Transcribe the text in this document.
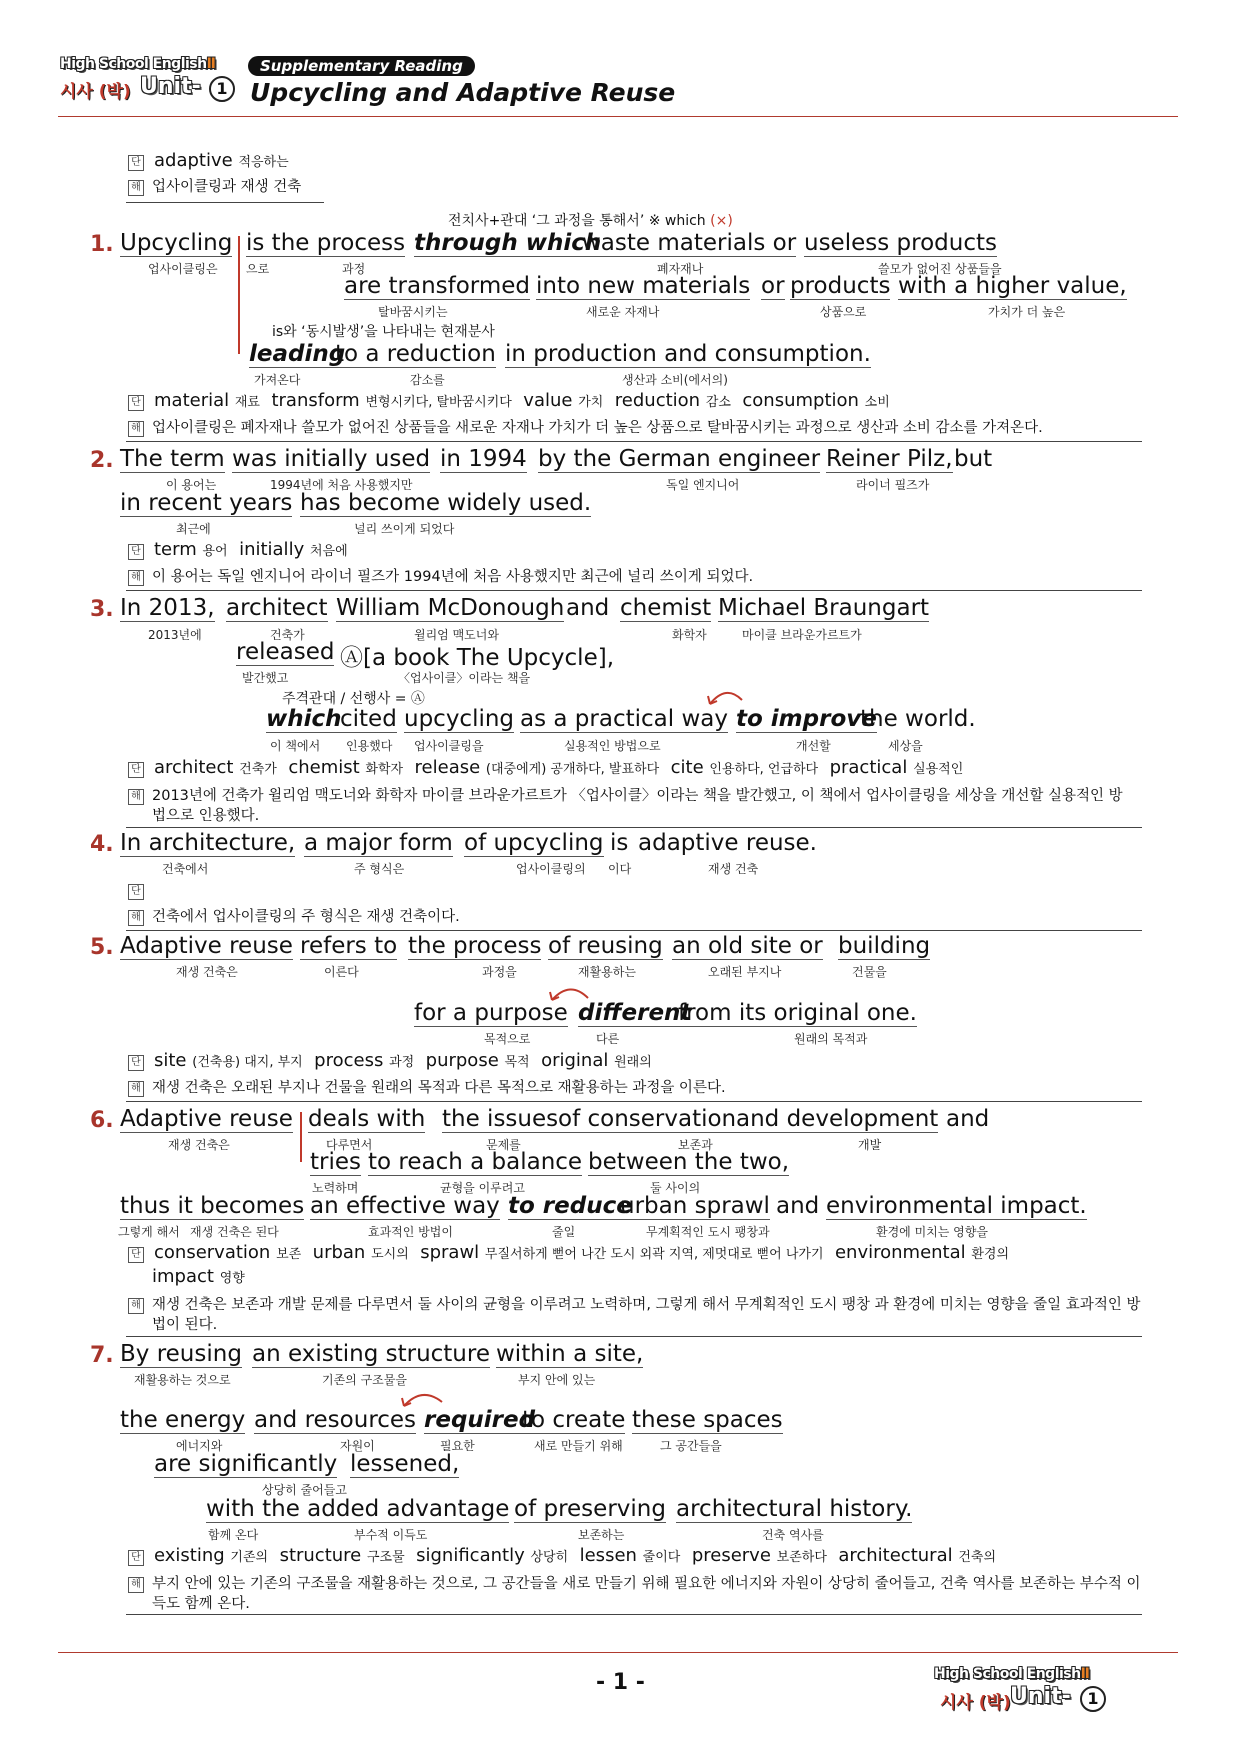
High School EnglishⅡ
시사 (박) Unit- 1
Supplementary Reading
Upcycling and Adaptive Reuse
단 adaptive 적응하는
해 업사이클링과 재생 건축
전치사+관대 ‘그 과정을 통해서’ ※ which (×)
1. Upcycling is the process through which
waste materials or useless products
업사이클링은 으로	과정	폐자재나	쓸모가 없어진 상품들을
are transformed into new materials or products with a higher value,
탈바꿈시키는	새로운 자재나	상품으로	가치가 더 높은
is와 ‘동시발생’을 나타내는 현재분사
leading
to a reduction in production and consumption.
가져온다	감소를	생산과 소비(에서의)
단 material 재료 transform 변형시키다, 탈바꿈시키다 value 가치 reduction 감소 consumption 소비
해 업사이클링은 폐자재나 쓸모가 없어진 상품들을 새로운 자재나 가치가 더 높은 상품으로 탈바꿈시키는 과정으로 생산과 소비 감소를 가져온다.
2. The term was initially used in 1994 by the German engineer Reiner Pilz, but
이 용어는	1994년에 처음 사용했지만	독일 엔지니어	라이너 필즈가
in recent years has become widely used.
최근에	널리 쓰이게 되었다
단 term 용어 initially 처음에
해 이 용어는 독일 엔지니어 라이너 필즈가 1994년에 처음 사용했지만 최근에 널리 쓰이게 되었다.
3. In 2013, architect William McDonough and chemist Michael Braungart
2013년에	건축가	윌리엄 맥도너와	화학자	마이클 브라운가르트가
released Ⓐ[a book The Upcycle],
발간했고	〈업사이클〉이라는 책을
주격관대 / 선행사 = Ⓐ
which
cited upcycling as a practical way to improve
the world.
이 책에서 인용했다 업사이클링을	실용적인 방법으로	개선할	세상을
단 architect 건축가 chemist 화학자 release (대중에게) 공개하다, 발표하다 cite 인용하다, 언급하다 practical 실용적인
해 2013년에 건축가 윌리엄 맥도너와 화학자 마이클 브라운가르트가 〈업사이클〉이라는 책을 발간했고, 이 책에서 업사이클링을 세상을 개선할 실용적인 방법으로 인용했다.
4. In architecture, a major form of upcycling is adaptive reuse.
건축에서	주 형식은	업사이클링의 이다	재생 건축
단
해 건축에서 업사이클링의 주 형식은 재생 건축이다.
5. Adaptive reuse refers to the process of reusing an old site or building
재생 건축은	이른다	과정을	재활용하는	오래된 부지나	건물을
for a purpose different
from its original one.
목적으로	다른	원래의 목적과
단 site (건축용) 대지, 부지 process 과정 purpose 목적 original 원래의
해 재생 건축은 오래된 부지나 건물을 원래의 목적과 다른 목적으로 재활용하는 과정을 이른다.
6. Adaptive reuse deals with the issues of conservation and development and
재생 건축은	다루면서	문제를	보존과	개발
tries to reach a balance between the two,
노력하며	균형을 이루려고	둘 사이의
thus it becomes an effective way to reduce
urban sprawl and environmental impact.
그렇게 해서 재생 건축은 된다	효과적인 방법이	줄일	무계획적인 도시 팽창과	환경에 미치는 영향을
단 conservation 보존 urban 도시의 sprawl 무질서하게 뻗어 나간 도시 외곽 지역, 제멋대로 뻗어 나가기 environmental 환경의
impact 영향
해 재생 건축은 보존과 개발 문제를 다루면서 둘 사이의 균형을 이루려고 노력하며, 그렇게 해서 무계획적인 도시 팽창 과 환경에 미치는 영향을 줄일 효과적인 방법이 된다.
7. By reusing an existing structure within a site,
재활용하는 것으로	기존의 구조물을	부지 안에 있는
the energy and resources required
to create these spaces
에너지와	자원이	필요한	새로 만들기 위해	그 공간들을
are significantly lessened,
상당히 줄어들고
with the added advantage of preserving architectural history.
함께 온다	부수적 이득도	보존하는	건축 역사를
단 existing 기존의 structure 구조물 significantly 상당히 lessen 줄이다 preserve 보존하다 architectural 건축의
해 부지 안에 있는 기존의 구조물을 재활용하는 것으로, 그 공간들을 새로 만들기 위해 필요한 에너지와 자원이 상당히 줄어들고, 건축 역사를 보존하는 부수적 이득도 함께 온다.
- 1 -	High School EnglishⅡ
시사 (박) Unit-	1
